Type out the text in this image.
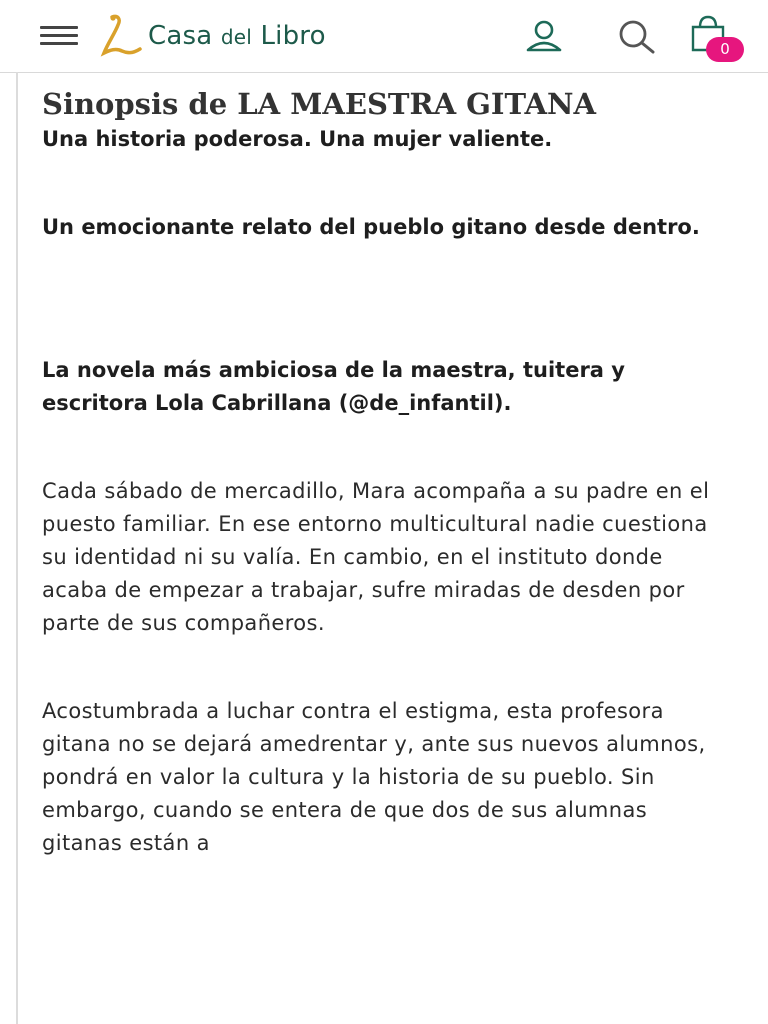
Casa del Libro	0
Sinopsis de LA MAESTRA GITANA

Una historia poderosa. Una mujer valiente.

Un emocionante relato del pueblo gitano desde dentro.

La novela más ambiciosa de la maestra, tuitera y escritora Lola Cabrillana (@de_infantil).

Cada sábado de mercadillo, Mara acompaña a su padre en el puesto familiar. En ese entorno multicultural nadie cuestiona su identidad ni su valía. En cambio, en el instituto donde acaba de empezar a trabajar, sufre miradas de desden por parte de sus compañeros.

Acostumbrada a luchar contra el estigma, esta profesora gitana no se dejará amedrentar y, ante sus nuevos alumnos, pondrá en valor la cultura y la historia de su pueblo. Sin embargo, cuando se entera de que dos de sus alumnas gitanas están a
